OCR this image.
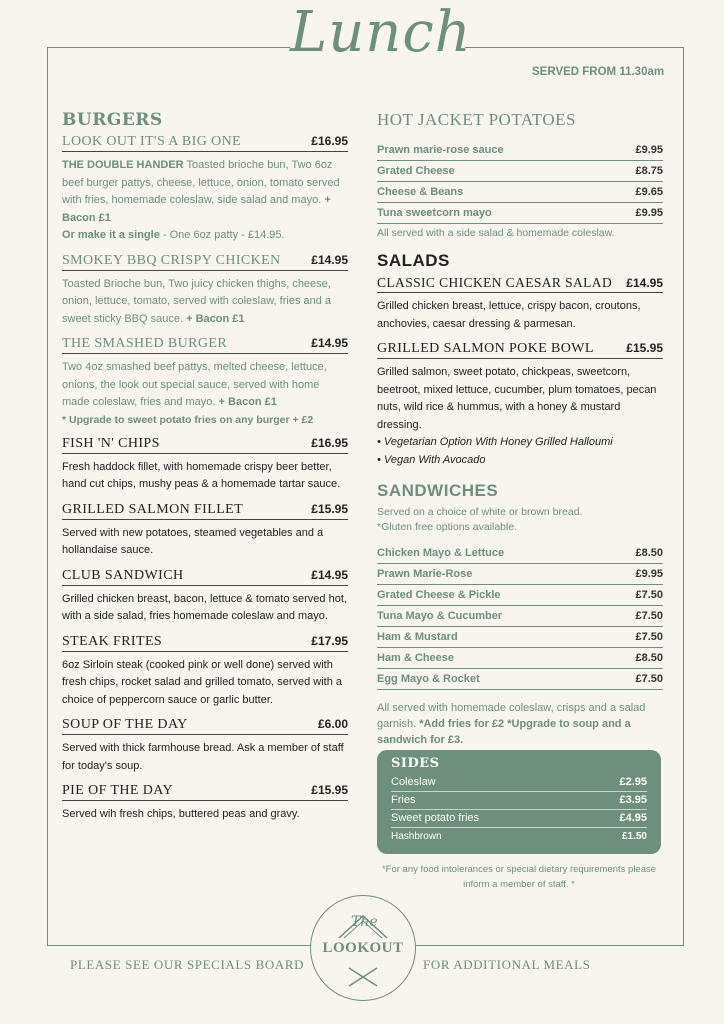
Lunch
SERVED FROM 11.30am
BURGERS
LOOK OUT IT'S A BIG ONE	£16.95
THE DOUBLE HANDER Toasted brioche bun, Two 6oz beef burger pattys, cheese, lettuce, onion, tomato served with fries, homemade coleslaw, side salad and mayo. + Bacon £1
Or make it a single - One 6oz patty - £14.95.
SMOKEY BBQ CRISPY CHICKEN	£14.95
Toasted Brioche bun, Two juicy chicken thighs, cheese, onion, lettuce, tomato, served with coleslaw, fries and a sweet sticky BBQ sauce. + Bacon £1
THE SMASHED BURGER	£14.95
Two 4oz smashed beef pattys, melted cheese, lettuce, onions, the look out special sauce, served with home made coleslaw, fries and mayo. + Bacon £1
* Upgrade to sweet potato fries on any burger + £2
FISH 'N' CHIPS	£16.95
Fresh haddock fillet, with homemade crispy beer better, hand cut chips, mushy peas & a homemade tartar sauce.
GRILLED SALMON FILLET	£15.95
Served with new potatoes, steamed vegetables and a hollandaise sauce.
CLUB SANDWICH	£14.95
Grilled chicken breast, bacon, lettuce & tomato served hot, with a side salad, fries homemade coleslaw and mayo.
STEAK FRITES	£17.95
6oz Sirloin steak (cooked pink or well done) served with fresh chips, rocket salad and grilled tomato, served with a choice of peppercorn sauce or garlic butter.
SOUP OF THE DAY	£6.00
Served with thick farmhouse bread. Ask a member of staff for today's soup.
PIE OF THE DAY	£15.95
Served wih fresh chips, buttered peas and gravy.
HOT JACKET POTATOES
Prawn marie-rose sauce	£9.95
Grated Cheese	£8.75
Cheese & Beans	£9.65
Tuna sweetcorn mayo	£9.95
All served with a side salad & homemade coleslaw.
SALADS
CLASSIC CHICKEN CAESAR SALAD £14.95
Grilled chicken breast, lettuce, crispy bacon, croutons, anchovies, caesar dressing & parmesan.
GRILLED SALMON POKE BOWL	£15.95
Grilled salmon, sweet potato, chickpeas, sweetcorn, beetroot, mixed lettuce, cucumber, plum tomatoes, pecan nuts, wild rice & hummus, with a honey & mustard dressing.
• Vegetarian Option With Honey Grilled Halloumi
• Vegan With Avocado
SANDWICHES
Served on a choice of white or brown bread.
*Gluten free options available.
Chicken Mayo & Lettuce	£8.50
Prawn Marie-Rose	£9.95
Grated Cheese & Pickle	£7.50
Tuna Mayo & Cucumber	£7.50
Ham & Mustard	£7.50
Ham & Cheese	£8.50
Egg Mayo & Rocket	£7.50
All served with homemade coleslaw, crisps and a salad garnish. *Add fries for £2 *Upgrade to soup and a sandwich for £3.
SIDES
Coleslaw	£2.95
Fries	£3.95
Sweet potato fries	£4.95
Hashbrown	£1.50
*For any food intolerances or special dietary requirements please inform a member of staff. *
PLEASE SEE OUR SPECIALS BOARD	FOR ADDITIONAL MEALS
The
LOOKOUT
